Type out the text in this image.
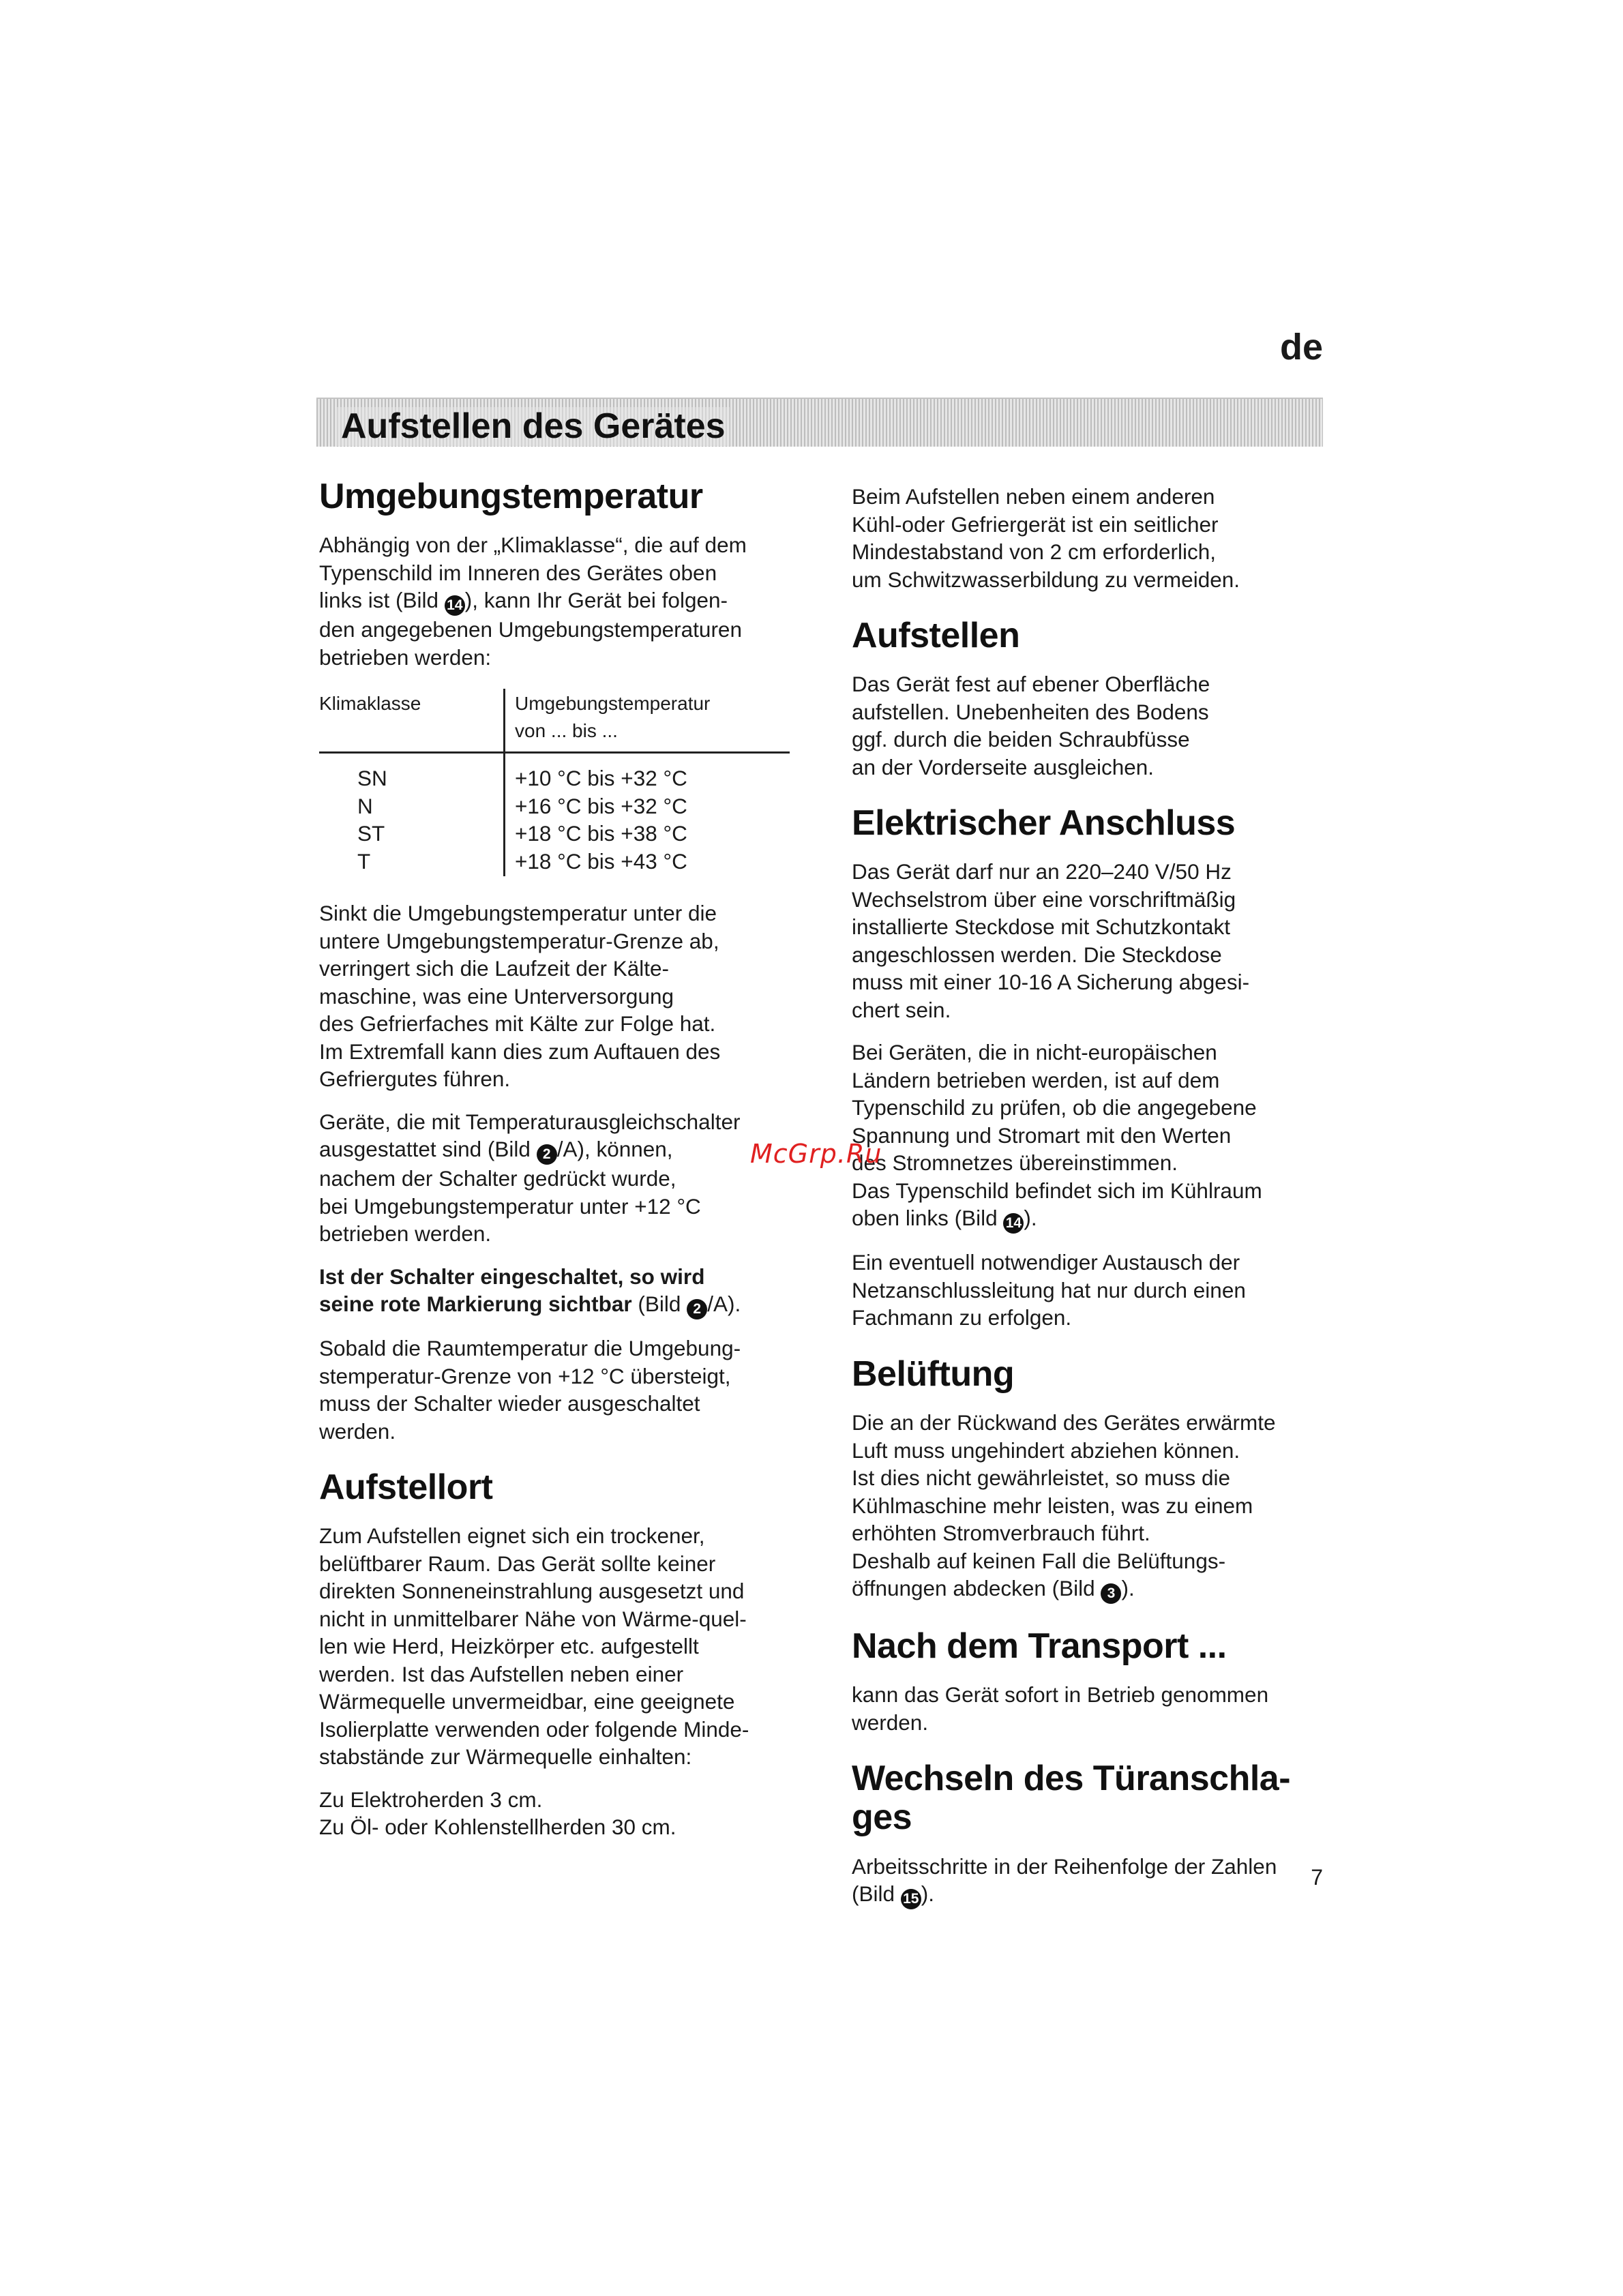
de
Aufstellen des Gerätes
Umgebungstemperatur

Abhängig von der „Klimaklasse“, die auf dem
Typenschild im Inneren des Gerätes oben
links ist (Bild 14 ), kann Ihr Gerät bei folgen-
den angegebenen Umgebungstemperaturen
betrieben werden:

Klimaklasse	Umgebungstemperatur
von ... bis ...
SN
N
ST
T
+10 °C bis +32 °C
+16 °C bis +32 °C
+18 °C bis +38 °C
+18 °C bis +43 °C

Sinkt die Umgebungstemperatur unter die
untere Umgebungstemperatur-Grenze ab,
verringert sich die Laufzeit der Kälte-
maschine, was eine Unterversorgung
des Gefrierfaches mit Kälte zur Folge hat.
Im Extremfall kann dies zum Auftauen des
Gefriergutes führen.

Geräte, die mit Temperaturausgleichschalter
ausgestattet sind (Bild 2 /A), können,
nachem der Schalter gedrückt wurde,
bei Umgebungstemperatur unter +12 °C
betrieben werden.

Ist der Schalter eingeschaltet, so wird
seine rote Markierung sichtbar (Bild 2 /A).

Sobald die Raumtemperatur die Umgebung-
stemperatur-Grenze von +12 °C übersteigt,
muss der Schalter wieder ausgeschaltet
werden.

Aufstellort

Zum Aufstellen eignet sich ein trockener,
belüftbarer Raum. Das Gerät sollte keiner
direkten Sonneneinstrahlung ausgesetzt und
nicht in unmittelbarer Nähe von Wärme-quel-
len wie Herd, Heizkörper etc. aufgestellt
werden. Ist das Aufstellen neben einer
Wärmequelle unvermeidbar, eine geeignete
Isolierplatte verwenden oder folgende Minde-
stabstände zur Wärmequelle einhalten:

Zu Elektroherden 3 cm.
Zu Öl- oder Kohlenstellherden 30 cm.

Beim Aufstellen neben einem anderen
Kühl-oder Gefriergerät ist ein seitlicher
Mindestabstand von 2 cm erforderlich,
um Schwitzwasserbildung zu vermeiden.

Aufstellen

Das Gerät fest auf ebener Oberfläche
aufstellen. Unebenheiten des Bodens
ggf. durch die beiden Schraubfüsse
an der Vorderseite ausgleichen.

Elektrischer Anschluss

Das Gerät darf nur an 220–240 V/50 Hz
Wechselstrom über eine vorschriftmäßig
installierte Steckdose mit Schutzkontakt
angeschlossen werden. Die Steckdose
muss mit einer 10-16 A Sicherung abgesi-
chert sein.

Bei Geräten, die in nicht-europäischen
Ländern betrieben werden, ist auf dem
Typenschild zu prüfen, ob die angegebene
Spannung und Stromart mit den Werten
des Stromnetzes übereinstimmen.
Das Typenschild befindet sich im Kühlraum
oben links (Bild 14 ).

Ein eventuell notwendiger Austausch der
Netzanschlussleitung hat nur durch einen
Fachmann zu erfolgen.

Belüftung

Die an der Rückwand des Gerätes erwärmte
Luft muss ungehindert abziehen können.
Ist dies nicht gewährleistet, so muss die
Kühlmaschine mehr leisten, was zu einem
erhöhten Stromverbrauch führt.
Deshalb auf keinen Fall die Belüftungs-
öffnungen abdecken (Bild 3 ).

Nach dem Transport ...

kann das Gerät sofort in Betrieb genommen
werden.

Wechseln des Türanschla-
ges

Arbeitsschritte in der Reihenfolge der Zahlen
(Bild 15 ).

McGrp.Ru
7
